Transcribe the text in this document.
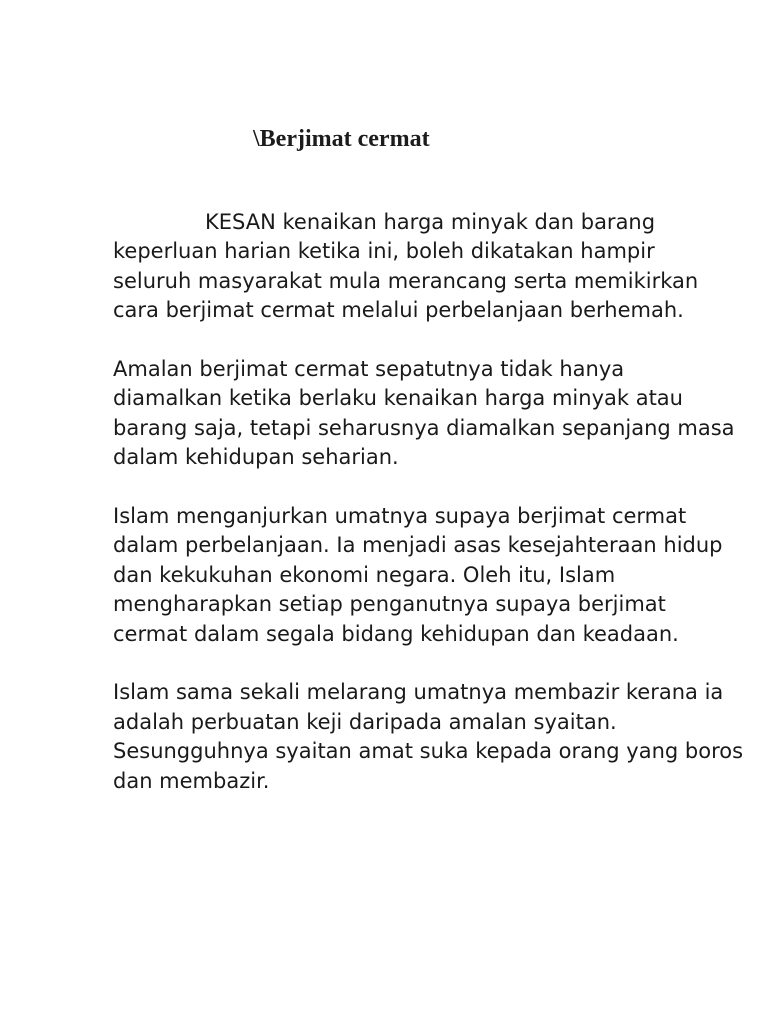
\Berjimat cermat

KESAN kenaikan harga minyak dan barang
keperluan harian ketika ini, boleh dikatakan hampir
seluruh masyarakat mula merancang serta memikirkan
cara berjimat cermat melalui perbelanjaan berhemah.

Amalan berjimat cermat sepatutnya tidak hanya
diamalkan ketika berlaku kenaikan harga minyak atau
barang saja, tetapi seharusnya diamalkan sepanjang masa
dalam kehidupan seharian.

Islam menganjurkan umatnya supaya berjimat cermat
dalam perbelanjaan. Ia menjadi asas kesejahteraan hidup
dan kekukuhan ekonomi negara. Oleh itu, Islam
mengharapkan setiap penganutnya supaya berjimat
cermat dalam segala bidang kehidupan dan keadaan.

Islam sama sekali melarang umatnya membazir kerana ia
adalah perbuatan keji daripada amalan syaitan.
Sesungguhnya syaitan amat suka kepada orang yang boros
dan membazir.
